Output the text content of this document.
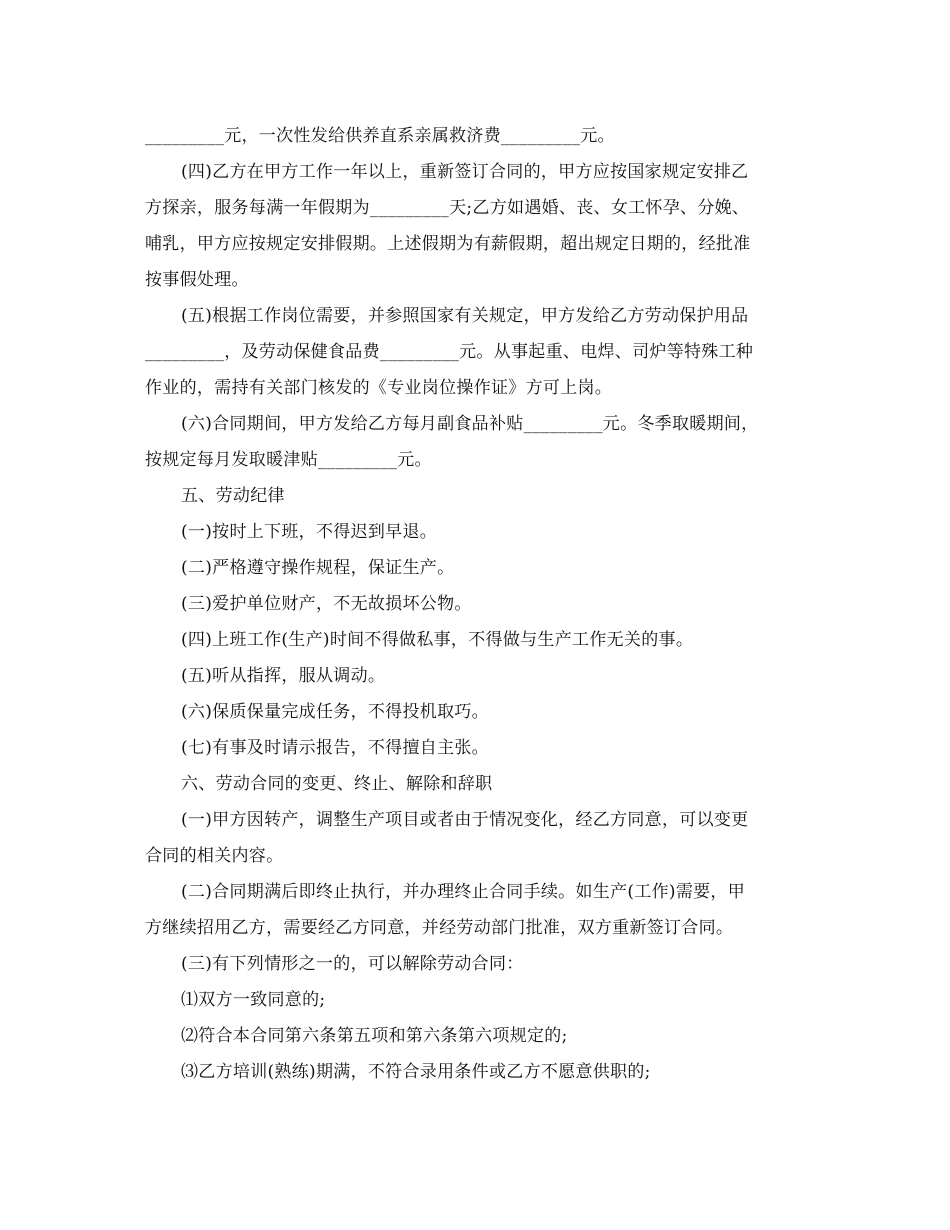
_________元，一次性发给供养直系亲属救济费_________元。
(四)乙方在甲方工作一年以上，重新签订合同的，甲方应按国家规定安排乙
方探亲，服务每满一年假期为_________天;乙方如遇婚、丧、女工怀孕、分娩、
哺乳，甲方应按规定安排假期。上述假期为有薪假期，超出规定日期的，经批准
按事假处理。
(五)根据工作岗位需要，并参照国家有关规定，甲方发给乙方劳动保护用品
_________，及劳动保健食品费_________元。从事起重、电焊、司炉等特殊工种
作业的，需持有关部门核发的《专业岗位操作证》方可上岗。
(六)合同期间，甲方发给乙方每月副食品补贴_________元。冬季取暖期间，
按规定每月发取暖津贴_________元。
五、劳动纪律
(一)按时上下班，不得迟到早退。
(二)严格遵守操作规程，保证生产。
(三)爱护单位财产，不无故损坏公物。
(四)上班工作(生产)时间不得做私事，不得做与生产工作无关的事。
(五)听从指挥，服从调动。
(六)保质保量完成任务，不得投机取巧。
(七)有事及时请示报告，不得擅自主张。
六、劳动合同的变更、终止、解除和辞职
(一)甲方因转产，调整生产项目或者由于情况变化，经乙方同意，可以变更
合同的相关内容。
(二)合同期满后即终止执行，并办理终止合同手续。如生产(工作)需要，甲
方继续招用乙方，需要经乙方同意，并经劳动部门批准，双方重新签订合同。
(三)有下列情形之一的，可以解除劳动合同：
⑴双方一致同意的;
⑵符合本合同第六条第五项和第六条第六项规定的;
⑶乙方培训(熟练)期满，不符合录用条件或乙方不愿意供职的;
